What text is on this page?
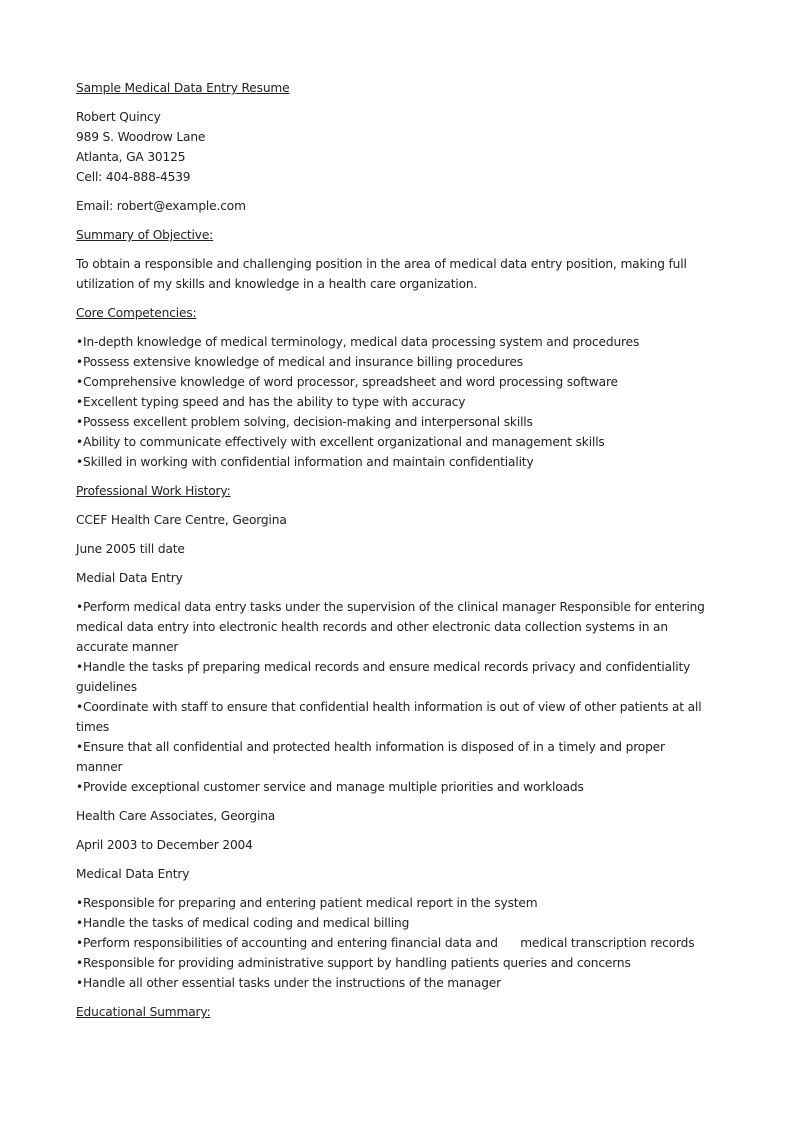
Sample Medical Data Entry Resume
Robert Quincy
989 S. Woodrow Lane
Atlanta, GA 30125
Cell: 404-888-4539
Email: robert@example.com
Summary of Objective:
To obtain a responsible and challenging position in the area of medical data entry position, making full
utilization of my skills and knowledge in a health care organization.
Core Competencies:
•In-depth knowledge of medical terminology, medical data processing system and procedures
•Possess extensive knowledge of medical and insurance billing procedures
•Comprehensive knowledge of word processor, spreadsheet and word processing software
•Excellent typing speed and has the ability to type with accuracy
•Possess excellent problem solving, decision-making and interpersonal skills
•Ability to communicate effectively with excellent organizational and management skills
•Skilled in working with confidential information and maintain confidentiality
Professional Work History:
CCEF Health Care Centre, Georgina
June 2005 till date
Medial Data Entry
•Perform medical data entry tasks under the supervision of the clinical manager Responsible for entering
medical data entry into electronic health records and other electronic data collection systems in an
accurate manner
•Handle the tasks pf preparing medical records and ensure medical records privacy and confidentiality
guidelines
•Coordinate with staff to ensure that confidential health information is out of view of other patients at all
times
•Ensure that all confidential and protected health information is disposed of in a timely and proper
manner
•Provide exceptional customer service and manage multiple priorities and workloads
Health Care Associates, Georgina
April 2003 to December 2004
Medical Data Entry
•Responsible for preparing and entering patient medical report in the system
•Handle the tasks of medical coding and medical billing
•Perform responsibilities of accounting and entering financial data and      medical transcription records
•Responsible for providing administrative support by handling patients queries and concerns
•Handle all other essential tasks under the instructions of the manager
Educational Summary:
